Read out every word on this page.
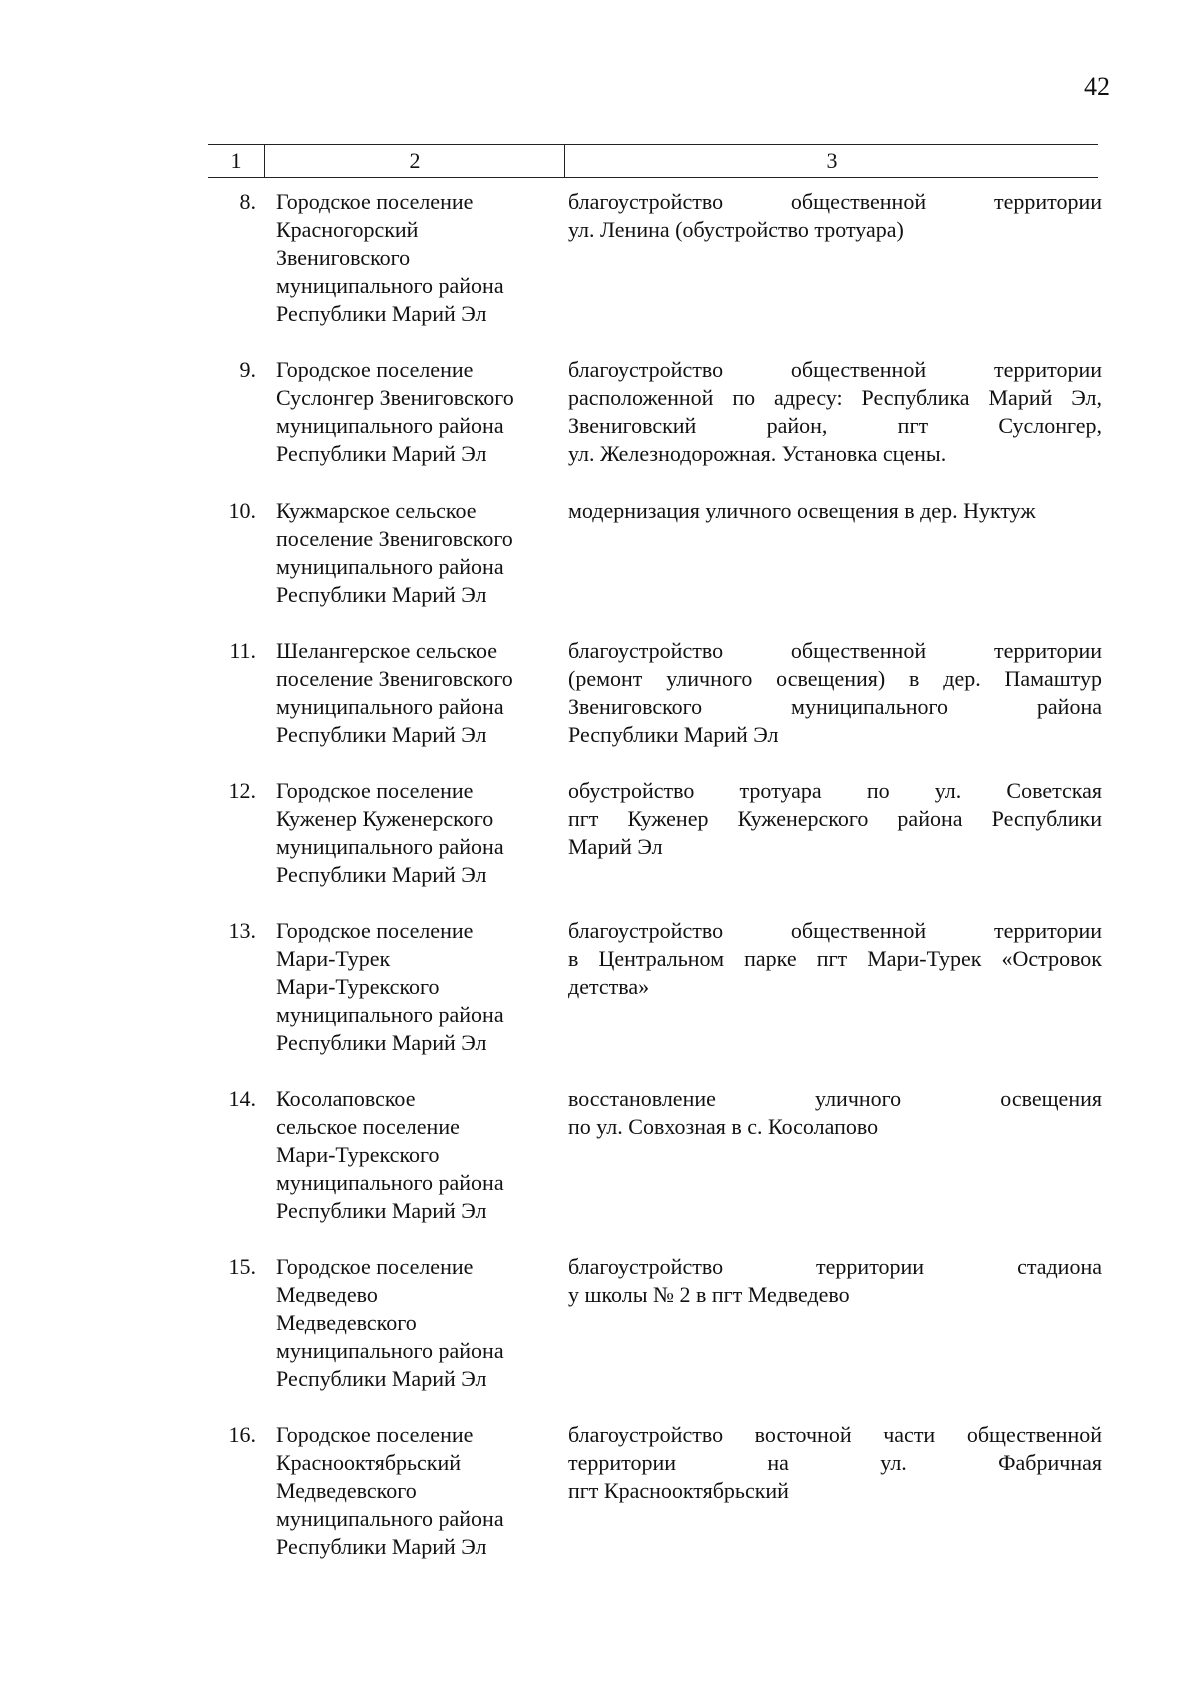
42
1	2	3
8. Городское поселение
Красногорский
Звениговского
муниципального района
Республики Марий Эл
благоустройство общественной территории
ул. Ленина (обустройство тротуара)
9. Городское поселение
Суслонгер Звениговского
муниципального района
Республики Марий Эл
благоустройство общественной территории
расположенной по адресу: Республика Марий Эл,
Звениговский район, пгт Суслонгер,
ул. Железнодорожная. Установка сцены.
10. Кужмарское сельское
поселение Звениговского
муниципального района
Республики Марий Эл
модернизация уличного освещения в дер. Нуктуж
11. Шелангерское сельское
поселение Звениговского
муниципального района
Республики Марий Эл
благоустройство общественной территории
(ремонт уличного освещения) в дер. Памаштур
Звениговского муниципального района
Республики Марий Эл
12. Городское поселение
Куженер Куженерского
муниципального района
Республики Марий Эл
обустройство тротуара по ул. Советская
пгт Куженер Куженерского района Республики
Марий Эл
13. Городское поселение
Мари-Турек
Мари-Турекского
муниципального района
Республики Марий Эл
благоустройство общественной территории
в Центральном парке пгт Мари-Турек «Островок
детства»
14. Косолаповское
сельское поселение
Мари-Турекского
муниципального района
Республики Марий Эл
восстановление уличного освещения
по ул. Совхозная в с. Косолапово
15. Городское поселение
Медведево
Медведевского
муниципального района
Республики Марий Эл
благоустройство территории стадиона
у школы № 2 в пгт Медведево
16. Городское поселение
Краснооктябрьский
Медведевского
муниципального района
Республики Марий Эл
благоустройство восточной части общественной
территории на ул. Фабричная
пгт Краснооктябрьский
